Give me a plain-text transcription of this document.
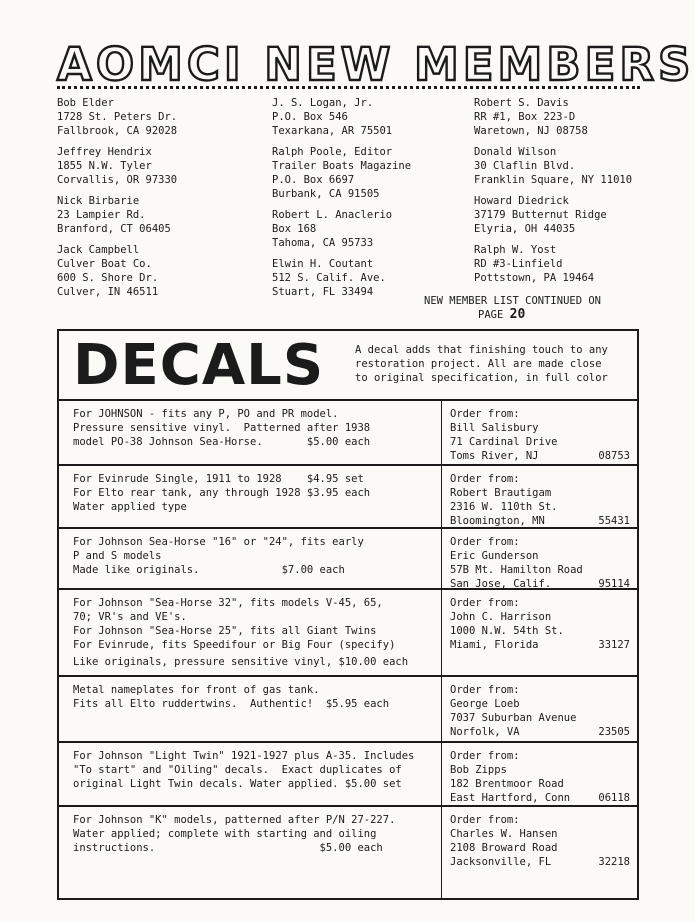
AOMCI NEW MEMBERS
Bob Elder
1728 St. Peters Dr.
Fallbrook, CA 92028
Jeffrey Hendrix
1855 N.W. Tyler
Corvallis, OR 97330
Nick Birbarie
23 Lampier Rd.
Branford, CT 06405
Jack Campbell
Culver Boat Co.
600 S. Shore Dr.
Culver, IN 46511
J. S. Logan, Jr.
P.O. Box 546
Texarkana, AR 75501
Ralph Poole, Editor
Trailer Boats Magazine
P.O. Box 6697
Burbank, CA 91505
Robert L. Anaclerio
Box 168
Tahoma, CA 95733
Elwin H. Coutant
512 S. Calif. Ave.
Stuart, FL 33494
Robert S. Davis
RR #1, Box 223-D
Waretown, NJ 08758
Donald Wilson
30 Claflin Blvd.
Franklin Square, NY 11010
Howard Diedrick
37179 Butternut Ridge
Elyria, OH 44035
Ralph W. Yost
RD #3-Linfield
Pottstown, PA 19464
NEW MEMBER LIST CONTINUED ON
PAGE 20
DECALS	A decal adds that finishing touch to any
restoration project. All are made close
to original specification, in full color
For JOHNSON - fits any P, PO and PR model.
Pressure sensitive vinyl.  Patterned after 1938
model PO-38 Johnson Sea-Horse.       $5.00 each
Order from:
Bill Salisbury
71 Cardinal Drive
Toms River, NJ	08753
For Evinrude Single, 1911 to 1928    $4.95 set
For Elto rear tank, any through 1928 $3.95 each
Water applied type
Order from:
Robert Brautigam
2316 W. 110th St.
Bloomington, MN	55431
For Johnson Sea-Horse "16" or "24", fits early
P and S models
Made like originals.             $7.00 each
Order from:
Eric Gunderson
57B Mt. Hamilton Road
San Jose, Calif.	95114
For Johnson "Sea-Horse 32", fits models V-45, 65,
70; VR's and VE's.
For Johnson "Sea-Horse 25", fits all Giant Twins
For Evinrude, fits Speedifour or Big Four (specify)
Like originals, pressure sensitive vinyl, $10.00 each
Order from:
John C. Harrison
1000 N.W. 54th St.
Miami, Florida	33127
Metal nameplates for front of gas tank.
Fits all Elto ruddertwins.  Authentic!  $5.95 each
Order from:
George Loeb
7037 Suburban Avenue
Norfolk, VA	23505
For Johnson "Light Twin" 1921-1927 plus A-35. Includes
"To start" and "Oiling" decals.  Exact duplicates of
original Light Twin decals. Water applied. $5.00 set
Order from:
Bob Zipps
182 Brentmoor Road
East Hartford, Conn	06118
For Johnson "K" models, patterned after P/N 27-227.
Water applied; complete with starting and oiling
instructions.                          $5.00 each
Order from:
Charles W. Hansen
2108 Broward Road
Jacksonville, FL	32218
